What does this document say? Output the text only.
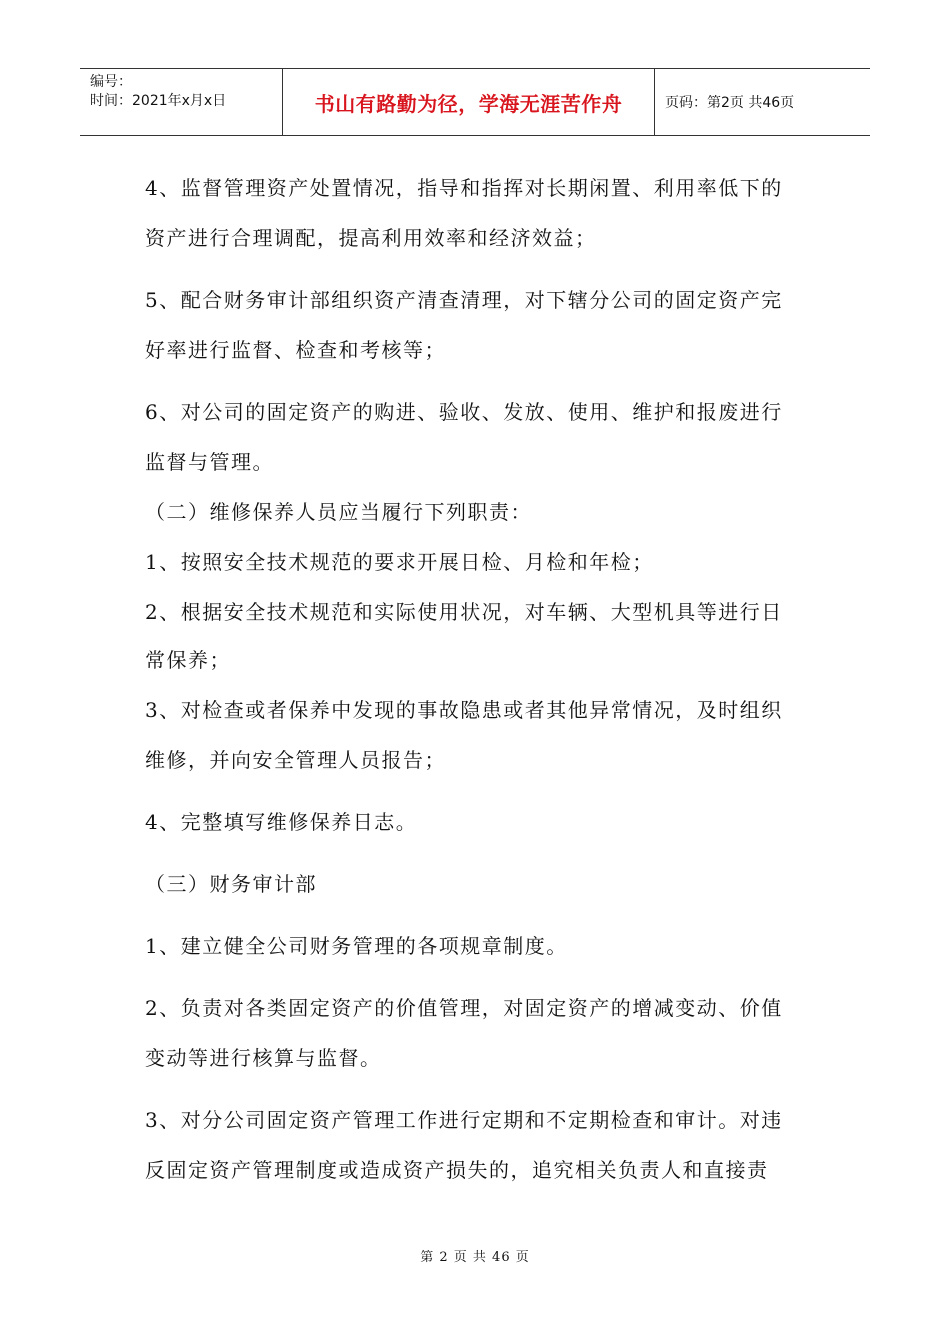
编号：
时间：2021年x月x日	书山有路勤为径，学海无涯苦作舟	页码：第2页 共46页
4、监督管理资产处置情况，指导和指挥对长期闲置、利用率低下的
资产进行合理调配，提高利用效率和经济效益；
5、配合财务审计部组织资产清查清理，对下辖分公司的固定资产完
好率进行监督、检查和考核等；
6、对公司的固定资产的购进、验收、发放、使用、维护和报废进行
监督与管理。
（二）维修保养人员应当履行下列职责：
1、按照安全技术规范的要求开展日检、月检和年检；
2、根据安全技术规范和实际使用状况，对车辆、大型机具等进行日
常保养；
3、对检查或者保养中发现的事故隐患或者其他异常情况，及时组织
维修，并向安全管理人员报告；
4、完整填写维修保养日志。
（三）财务审计部
1、建立健全公司财务管理的各项规章制度。
2、负责对各类固定资产的价值管理，对固定资产的增减变动、价值
变动等进行核算与监督。
3、对分公司固定资产管理工作进行定期和不定期检查和审计。对违
反固定资产管理制度或造成资产损失的，追究相关负责人和直接责
第 2 页 共 46 页
